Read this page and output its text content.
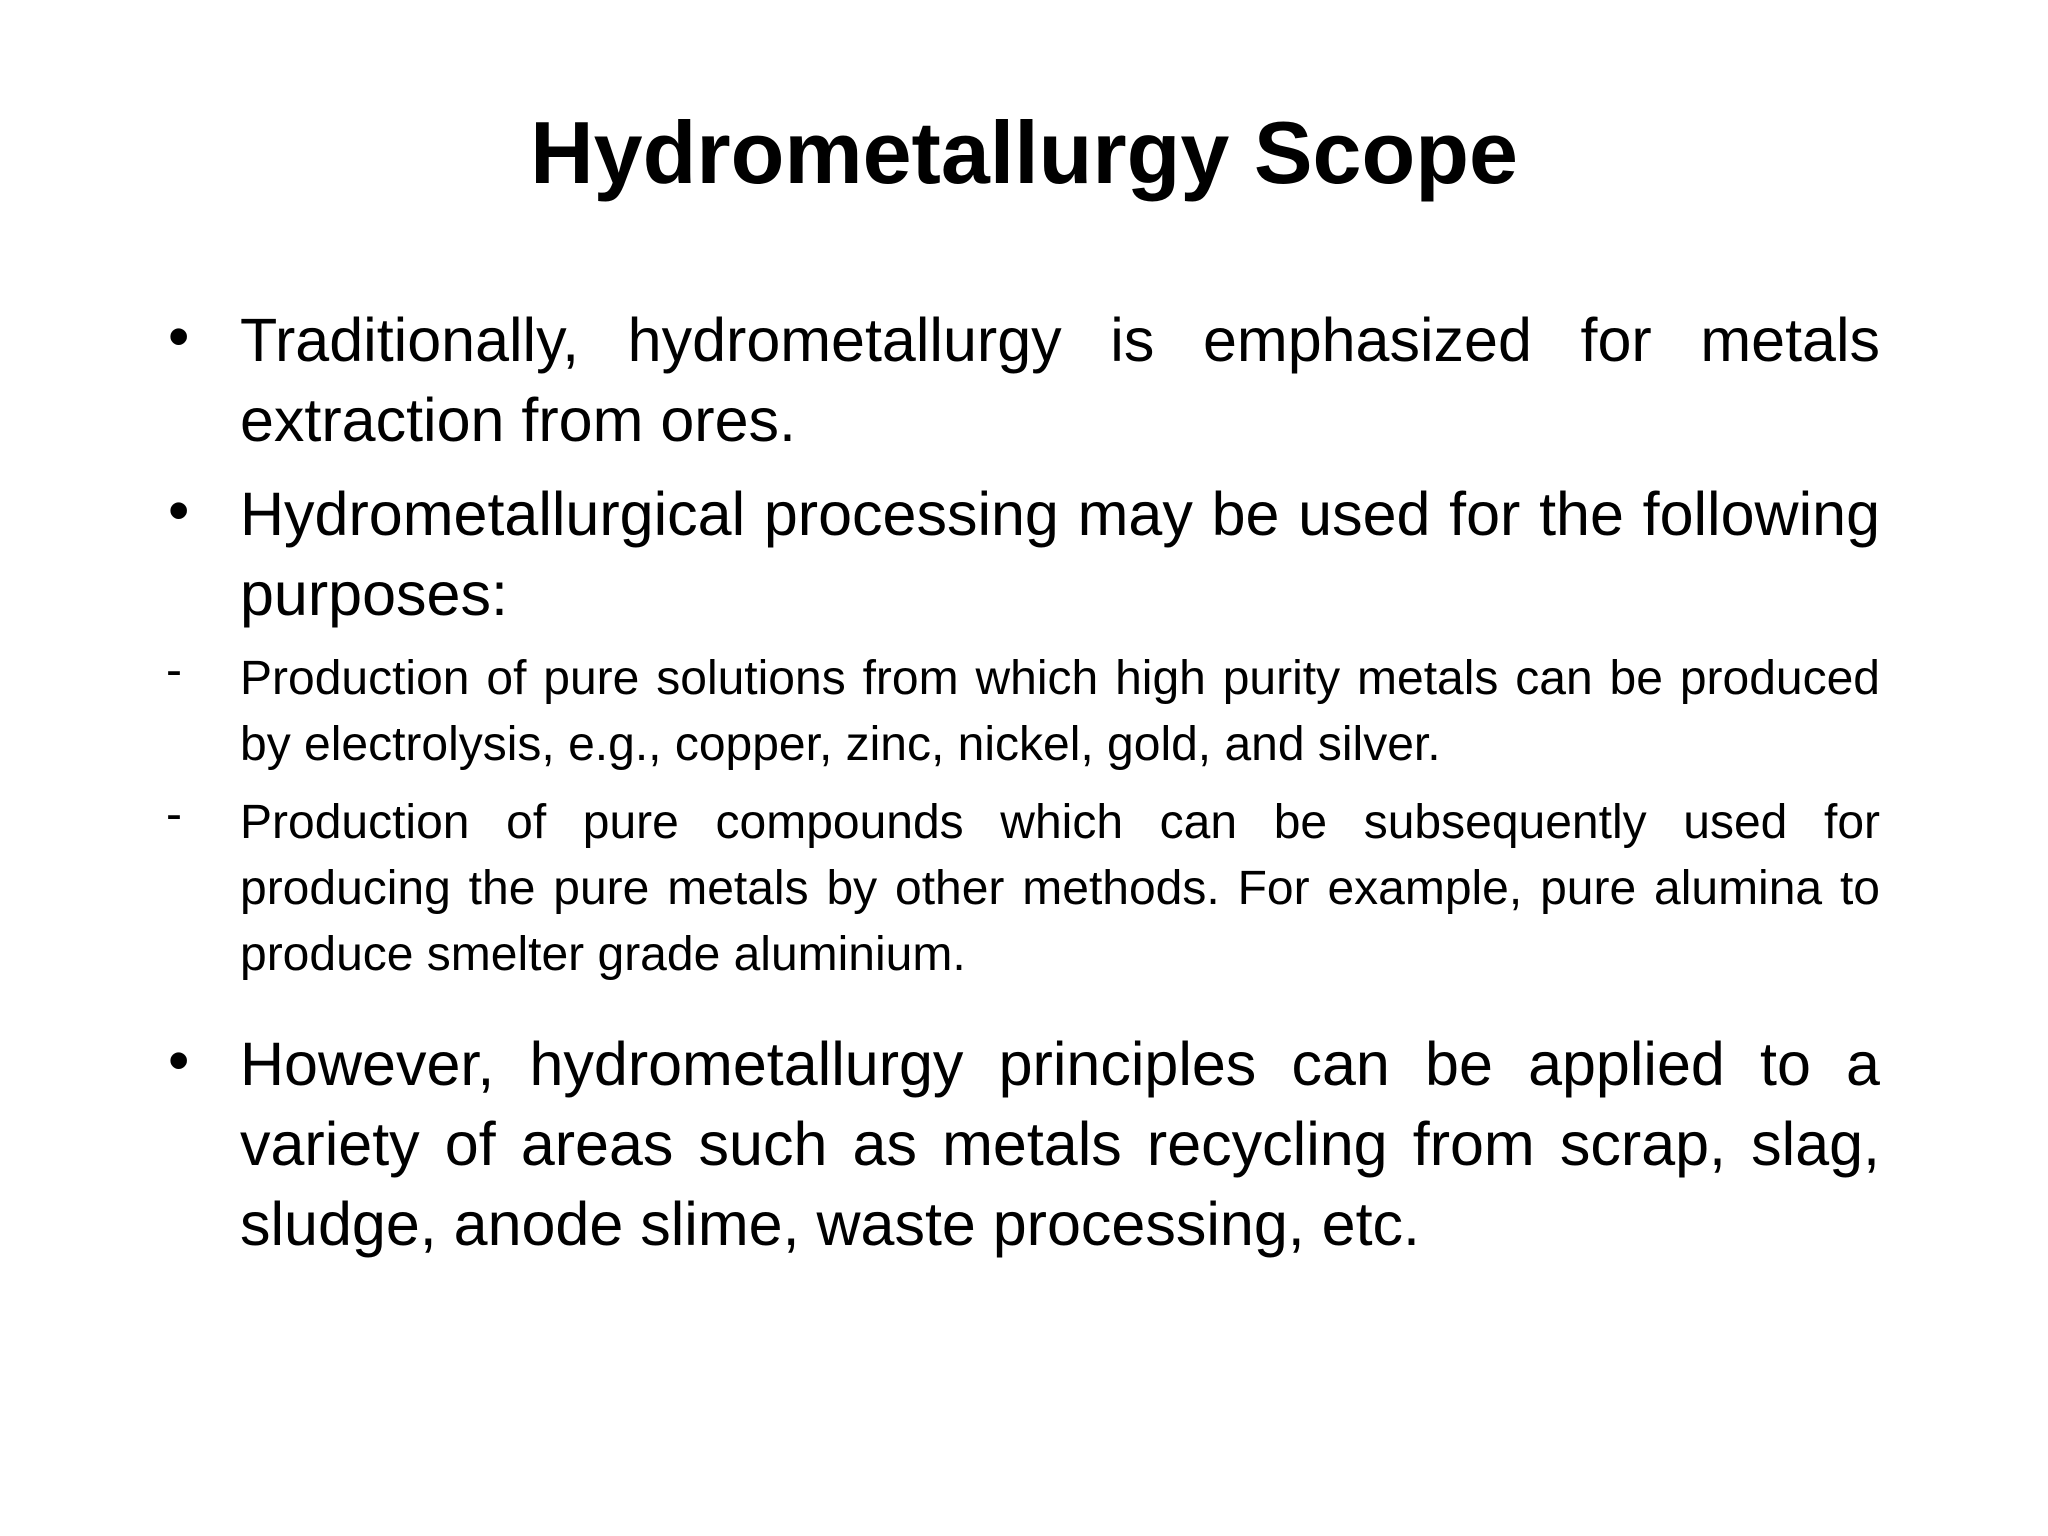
Hydrometallurgy Scope
• Traditionally, hydrometallurgy is emphasized for metals extraction from ores.
• Hydrometallurgical processing may be used for the following purposes:
- Production of pure solutions from which high purity metals can be produced by electrolysis, e.g., copper, zinc, nickel, gold, and silver.
- Production of pure compounds which can be subsequently used for producing the pure metals by other methods. For example, pure alumina to produce smelter grade aluminium.
• However, hydrometallurgy principles can be applied to a variety of areas such as metals recycling from scrap, slag, sludge, anode slime, waste processing, etc.
